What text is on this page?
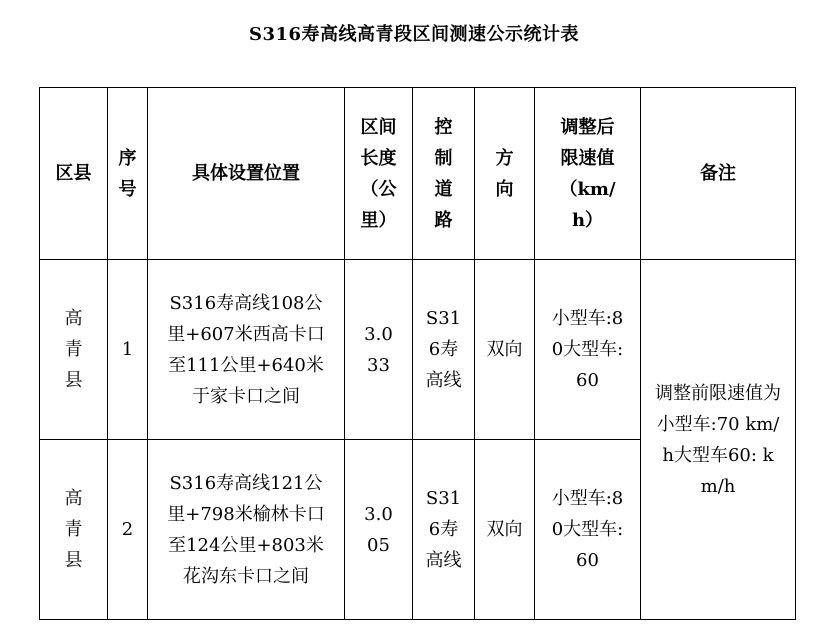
S316寿高线高青段区间测速公示统计表
区县	序号	具体设置位置	区间长度（公里）	控制道路	方向	调整后限速值（km/h）	备注

高青县	1	S316寿高线108公里+607米西高卡口至111公里+640米于家卡口之间	3.033	S316寿高线	双向	小型车:80大型车:60	调整前限速值为小型车:70 km/h大型车60: km/h

高青县	2	S316寿高线121公里+798米榆林卡口至124公里+803米花沟东卡口之间	3.005	S316寿高线	双向	小型车:80大型车:60	
